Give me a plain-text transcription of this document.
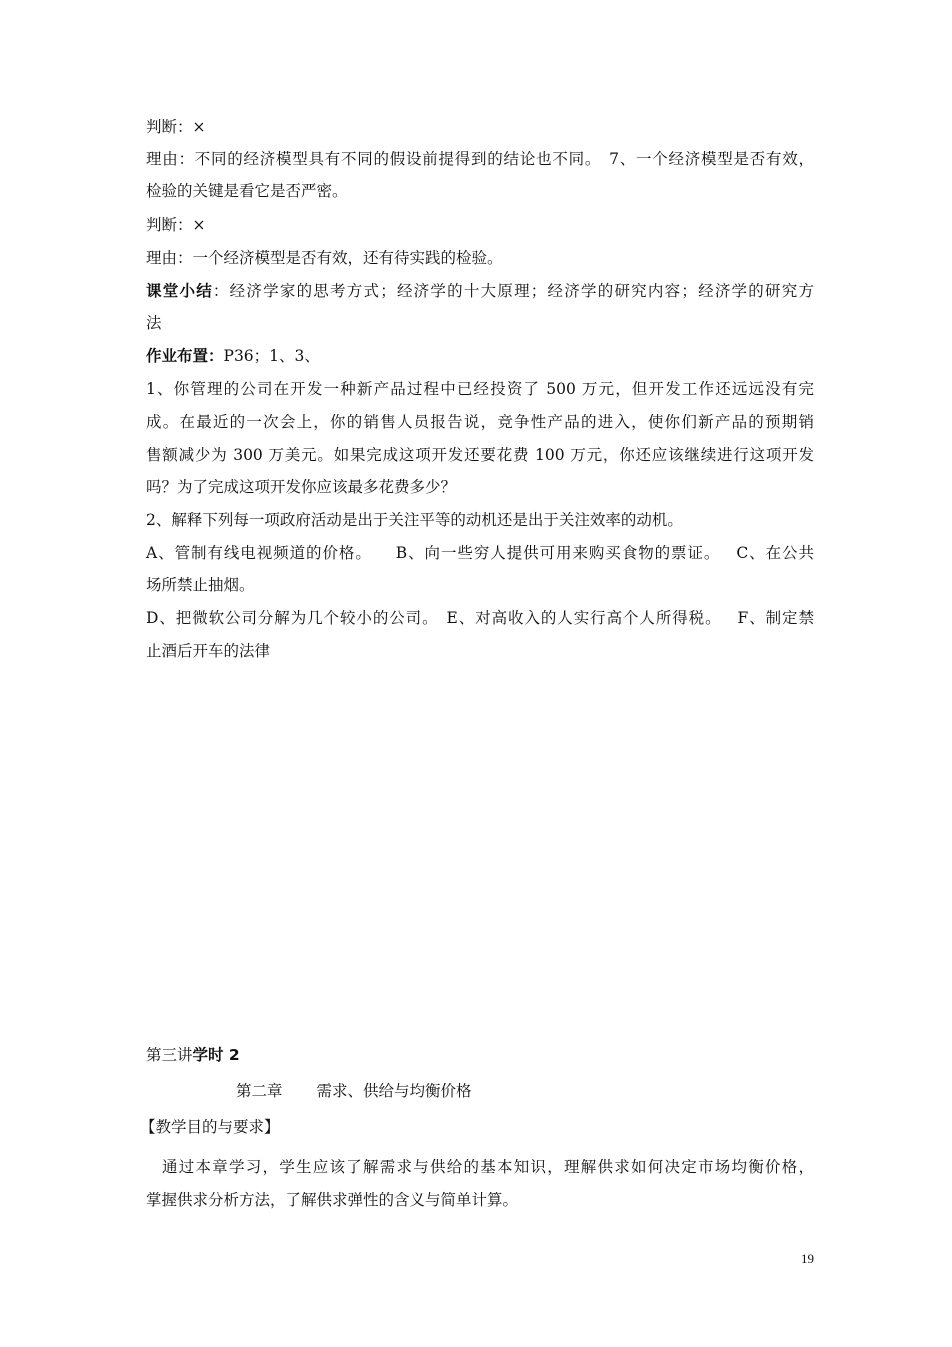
判断：×
理由：不同的经济模型具有不同的假设前提得到的结论也不同。 7、一个经济模型是否有效，
检验的关键是看它是否严密。
判断：×
理由：一个经济模型是否有效，还有待实践的检验。
课堂小结：经济学家的思考方式；经济学的十大原理；经济学的研究内容；经济学的研究方
法
作业布置：P36；1、3、
1、你管理的公司在开发一种新产品过程中已经投资了 500 万元，但开发工作还远远没有完
成。在最近的一次会上，你的销售人员报告说，竞争性产品的进入，使你们新产品的预期销
售额减少为 300 万美元。如果完成这项开发还要花费 100 万元，你还应该继续进行这项开发
吗？为了完成这项开发你应该最多花费多少？
2、解释下列每一项政府活动是出于关注平等的动机还是出于关注效率的动机。
A、管制有线电视频道的价格。 B、向一些穷人提供可用来购买食物的票证。 C、在公共
场所禁止抽烟。
D、把微软公司分解为几个较小的公司。 E、对高收入的人实行高个人所得税。 F、制定禁
止酒后开车的法律
第三讲学时 2
第二章 需求、供给与均衡价格
【教学目的与要求】
通过本章学习，学生应该了解需求与供给的基本知识，理解供求如何决定市场均衡价格，
掌握供求分析方法，了解供求弹性的含义与简单计算。
19
